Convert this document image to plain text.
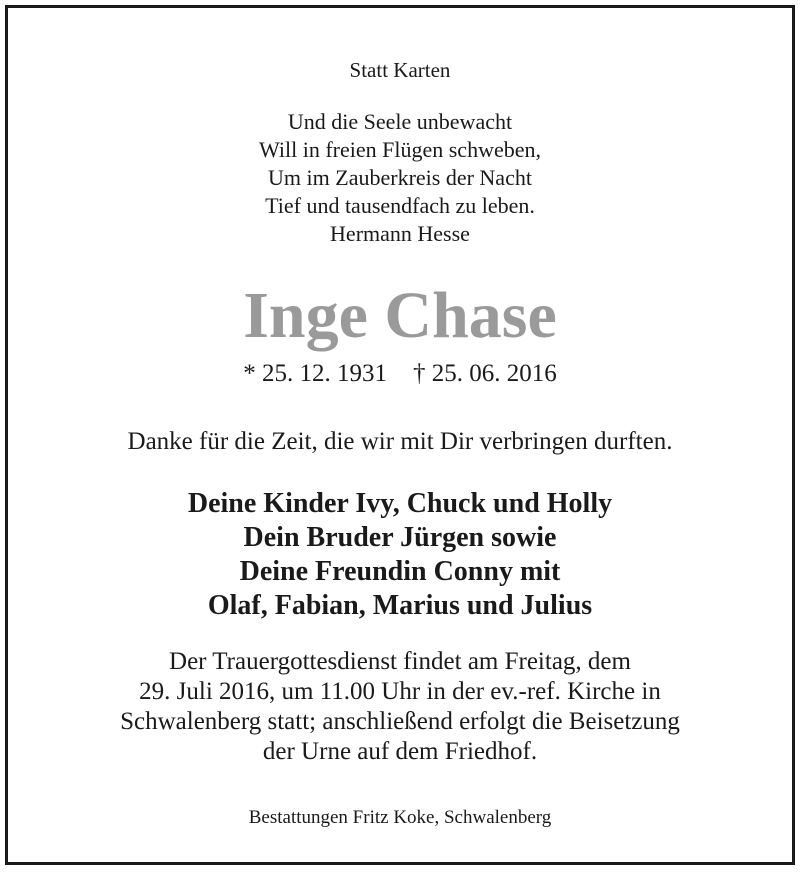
Statt Karten
Und die Seele unbewacht
Will in freien Flügen schweben,
Um im Zauberkreis der Nacht
Tief und tausendfach zu leben.
Hermann Hesse
Inge Chase
* 25. 12. 1931 † 25. 06. 2016
Danke für die Zeit, die wir mit Dir verbringen durften.
Deine Kinder Ivy, Chuck und Holly
Dein Bruder Jürgen sowie
Deine Freundin Conny mit
Olaf, Fabian, Marius und Julius
Der Trauergottesdienst findet am Freitag, dem
29. Juli 2016, um 11.00 Uhr in der ev.-ref. Kirche in
Schwalenberg statt; anschließend erfolgt die Beisetzung
der Urne auf dem Friedhof.
Bestattungen Fritz Koke, Schwalenberg
